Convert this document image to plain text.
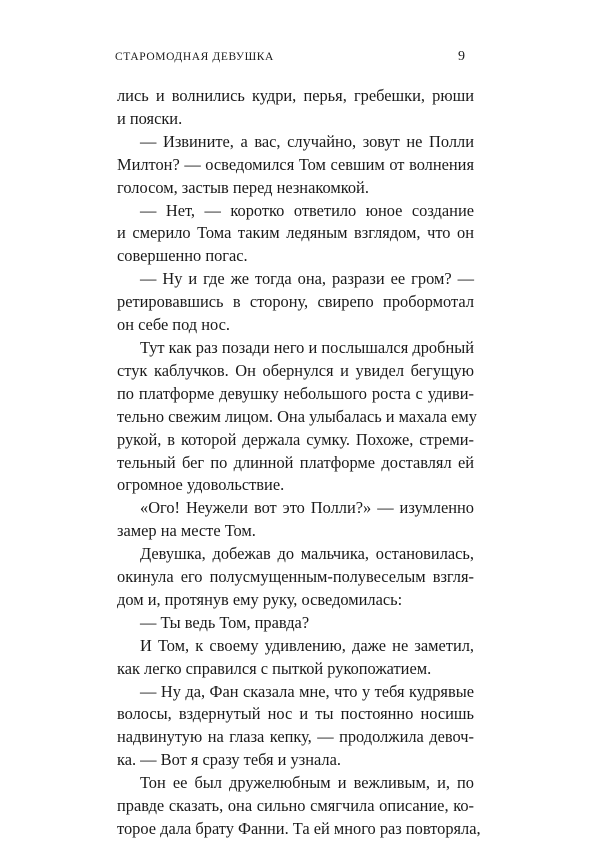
СТАРОМОДНАЯ ДЕВУШКА	9
лись и волнились кудри, перья, гребешки, рюши
и пояски.
— Извините, а вас, случайно, зовут не Полли
Милтон? — осведомился Том севшим от волнения
голосом, застыв перед незнакомкой.
— Нет, — коротко ответило юное создание
и смерило Тома таким ледяным взглядом, что он
совершенно погас.
— Ну и где же тогда она, разрази ее гром? —
ретировавшись в сторону, свирепо пробормотал
он себе под нос.
Тут как раз позади него и послышался дробный
стук каблучков. Он обернулся и увидел бегущую
по платформе девушку небольшого роста с удиви-
тельно свежим лицом. Она улыбалась и махала ему
рукой, в которой держала сумку. Похоже, стреми-
тельный бег по длинной платформе доставлял ей
огромное удовольствие.
«Ого! Неужели вот это Полли?» — изумленно
замер на месте Том.
Девушка, добежав до мальчика, остановилась,
окинула его полусмущенным-полувеселым взгля-
дом и, протянув ему руку, осведомилась:
— Ты ведь Том, правда?
И Том, к своему удивлению, даже не заметил,
как легко справился с пыткой рукопожатием.
— Ну да, Фан сказала мне, что у тебя кудрявые
волосы, вздернутый нос и ты постоянно носишь
надвинутую на глаза кепку, — продолжила девоч-
ка. — Вот я сразу тебя и узнала.
Тон ее был дружелюбным и вежливым, и, по
правде сказать, она сильно смягчила описание, ко-
торое дала брату Фанни. Та ей много раз повторяла,
